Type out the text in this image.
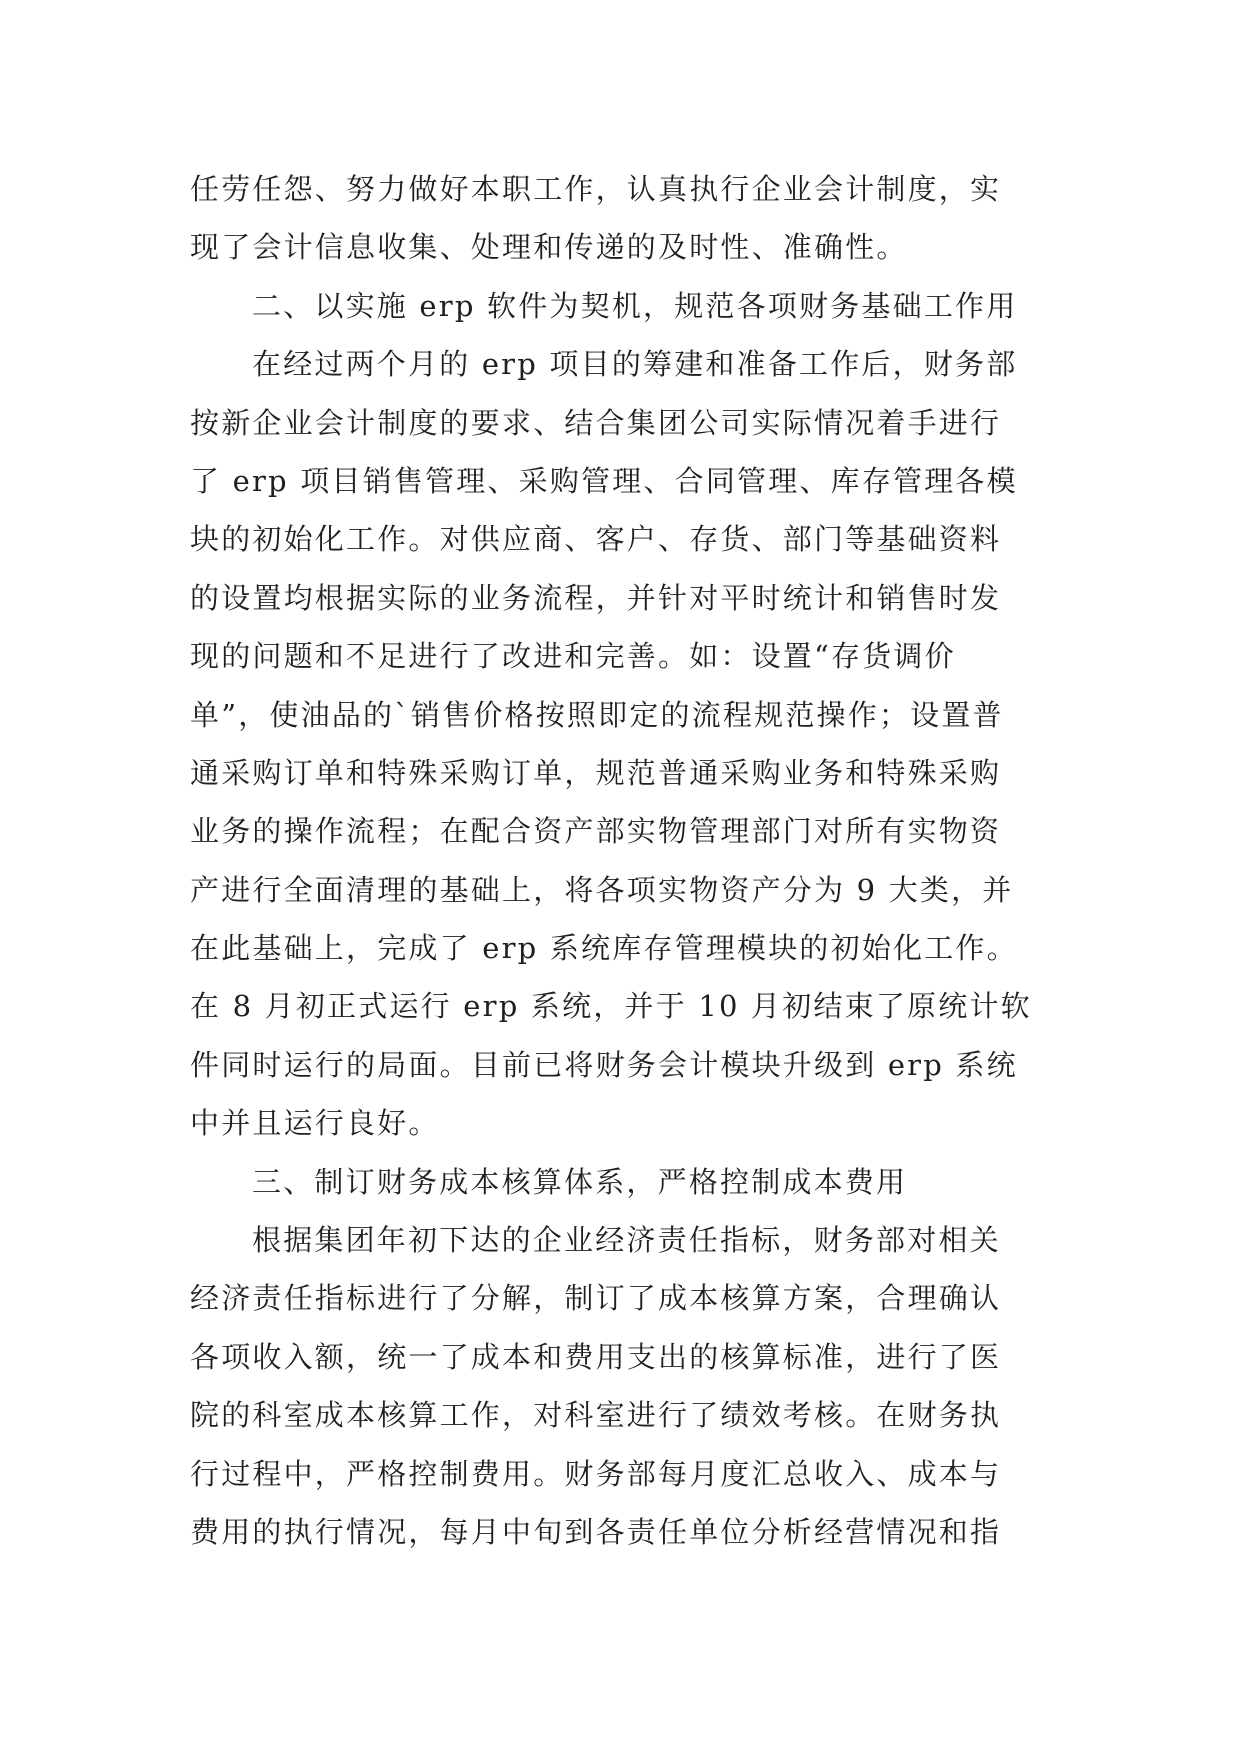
任劳任怨、努力做好本职工作，认真执行企业会计制度，实
现了会计信息收集、处理和传递的及时性、准确性。
二、以实施 erp 软件为契机，规范各项财务基础工作用
在经过两个月的 erp 项目的筹建和准备工作后，财务部
按新企业会计制度的要求、结合集团公司实际情况着手进行
了 erp 项目销售管理、采购管理、合同管理、库存管理各模
块的初始化工作。对供应商、客户、存货、部门等基础资料
的设置均根据实际的业务流程，并针对平时统计和销售时发
现的问题和不足进行了改进和完善。如：设置“存货调价
单”，使油品的`销售价格按照即定的流程规范操作；设置普
通采购订单和特殊采购订单，规范普通采购业务和特殊采购
业务的操作流程；在配合资产部实物管理部门对所有实物资
产进行全面清理的基础上，将各项实物资产分为 9 大类，并
在此基础上，完成了 erp 系统库存管理模块的初始化工作。
在 8 月初正式运行 erp 系统，并于 10 月初结束了原统计软
件同时运行的局面。目前已将财务会计模块升级到 erp 系统
中并且运行良好。
三、制订财务成本核算体系，严格控制成本费用
根据集团年初下达的企业经济责任指标，财务部对相关
经济责任指标进行了分解，制订了成本核算方案，合理确认
各项收入额，统一了成本和费用支出的核算标准，进行了医
院的科室成本核算工作，对科室进行了绩效考核。在财务执
行过程中，严格控制费用。财务部每月度汇总收入、成本与
费用的执行情况，每月中旬到各责任单位分析经营情况和指
